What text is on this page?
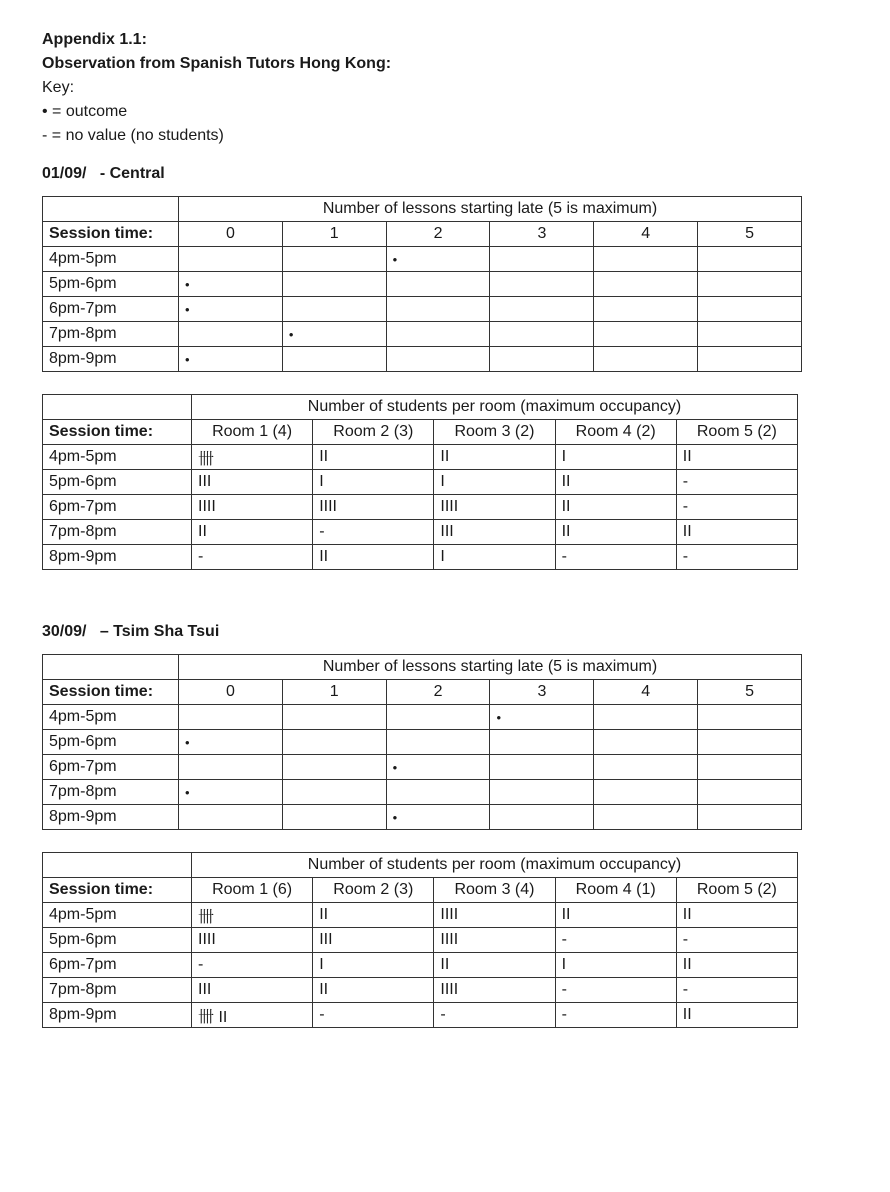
Appendix 1.1:
Observation from Spanish Tutors Hong Kong:
Key:
• = outcome
- = no value (no students)
01/09/   - Central
	Number of lessons starting late (5 is maximum)					
Session time:	0	1	2	3	4	5
4pm-5pm			•			
5pm-6pm	•					
6pm-7pm	•					
7pm-8pm		•				
8pm-9pm	•					
	Number of students per room (maximum occupancy)				
Session time:	Room 1 (4)	Room 2 (3)	Room 3 (2)	Room 4 (2)	Room 5 (2)
4pm-5pm	卌	II	II	I	II
5pm-6pm	III	I	I	II	-
6pm-7pm	IIII	IIII	IIII	II	-
7pm-8pm	II	-	III	II	II
8pm-9pm	-	II	I	-	-
30/09/   – Tsim Sha Tsui
	Number of lessons starting late (5 is maximum)					
Session time:	0	1	2	3	4	5
4pm-5pm				•		
5pm-6pm	•					
6pm-7pm			•			
7pm-8pm	•					
8pm-9pm			•			
	Number of students per room (maximum occupancy)				
Session time:	Room 1 (6)	Room 2 (3)	Room 3 (4)	Room 4 (1)	Room 5 (2)
4pm-5pm	卌	II	IIII	II	II
5pm-6pm	IIII	III	IIII	-	-
6pm-7pm	-	I	II	I	II
7pm-8pm	III	II	IIII	-	-
8pm-9pm	卌 II	-	-	-	II
